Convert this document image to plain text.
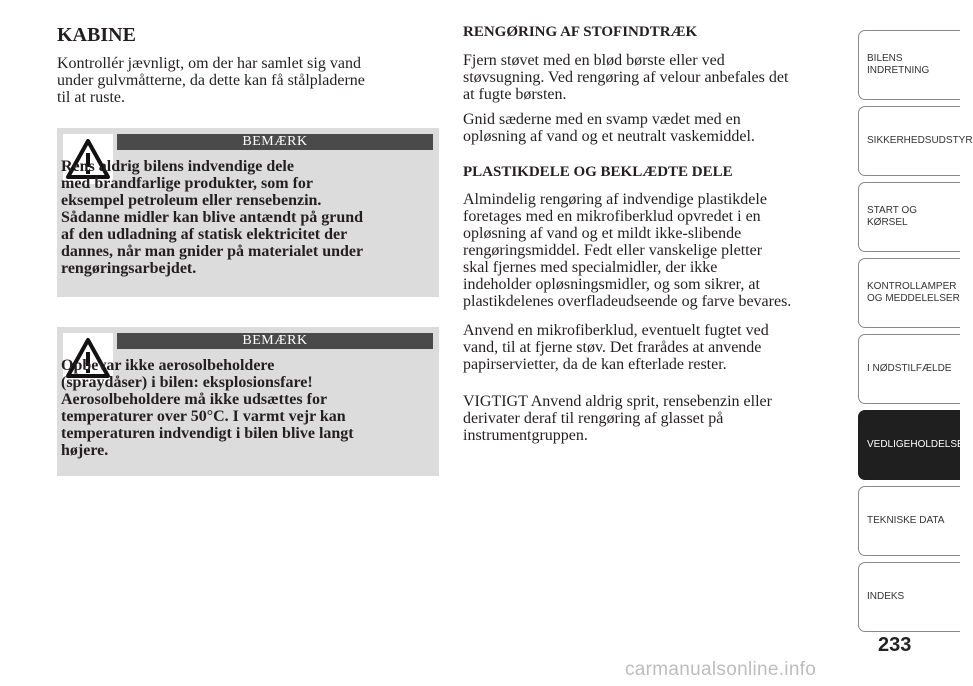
KABINE

Kontrollér jævnligt, om der har samlet sig vand
under gulvmåtterne, da dette kan få stålpladerne
til at ruste.

BEMÆRK

Rens aldrig bilens indvendige dele
med brandfarlige produkter, som for
eksempel petroleum eller rensebenzin.
Sådanne midler kan blive antændt på grund
af den udladning af statisk elektricitet der
dannes, når man gnider på materialet under
rengøringsarbejdet.

BEMÆRK

Opbevar ikke aerosolbeholdere
(spraydåser) i bilen: eksplosionsfare!
Aerosolbeholdere må ikke udsættes for
temperaturer over 50°C. I varmt vejr kan
temperaturen indvendigt i bilen blive langt
højere.

RENGØRING AF STOFINDTRÆK

Fjern støvet med en blød børste eller ved
støvsugning. Ved rengøring af velour anbefales det
at fugte børsten.

Gnid sæderne med en svamp vædet med en
opløsning af vand og et neutralt vaskemiddel.

PLASTIKDELE OG BEKLÆDTE DELE

Almindelig rengøring af indvendige plastikdele
foretages med en mikrofiberklud opvredet i en
opløsning af vand og et mildt ikke-slibende
rengøringsmiddel. Fedt eller vanskelige pletter
skal fjernes med specialmidler, der ikke
indeholder opløsningsmidler, og som sikrer, at
plastikdelenes overfladeudseende og farve bevares.

Anvend en mikrofiberklud, eventuelt fugtet ved
vand, til at fjerne støv. Det frarådes at anvende
papirservietter, da de kan efterlade rester.

VIGTIGT Anvend aldrig sprit, rensebenzin eller
derivater deraf til rengøring af glasset på
instrumentgruppen.

BILENS
INDRETNING
SIKKERHEDSUDSTYR
START OG KØRSEL
KONTROLLAMPER
OG MEDDELELSER
I NØDSTILFÆLDE
VEDLIGEHOLDELSE
TEKNISKE DATA
INDEKS
233
carmanualsonline.info
